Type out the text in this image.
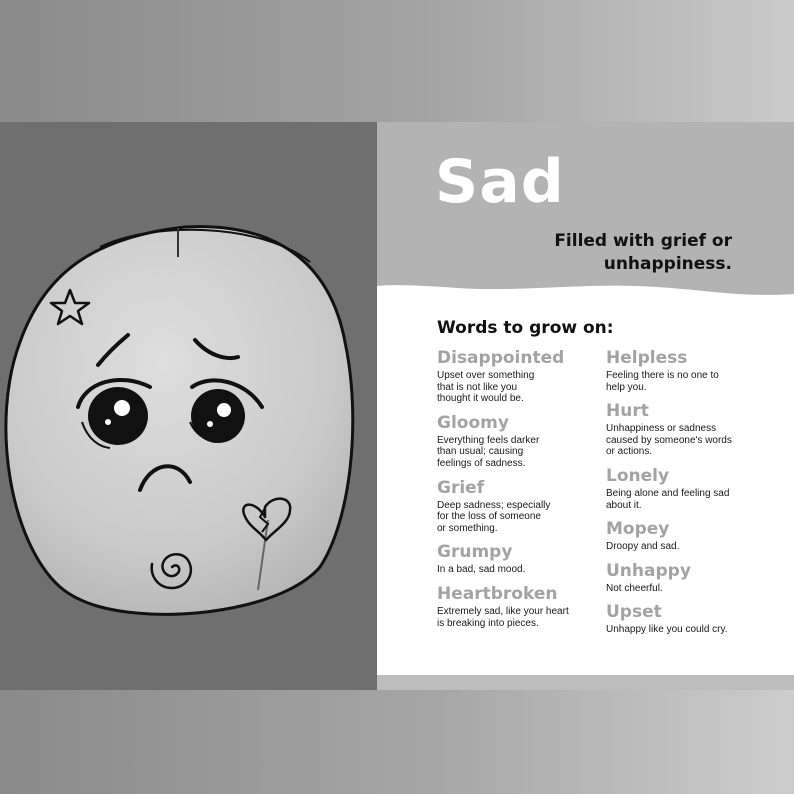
Sad

Filled with grief or
unhappiness.

Words to grow on:
Disappointed
Upset over something
that is not like you
thought it would be.
Gloomy
Everything feels darker
than usual; causing
feelings of sadness.
Grief
Deep sadness; especially
for the loss of someone
or something.
Grumpy
In a bad, sad mood.
Heartbroken
Extremely sad, like your heart
is breaking into pieces.
Helpless
Feeling there is no one to
help you.
Hurt
Unhappiness or sadness
caused by someone's words
or actions.
Lonely
Being alone and feeling sad
about it.
Mopey
Droopy and sad.
Unhappy
Not cheerful.
Upset
Unhappy like you could cry.
